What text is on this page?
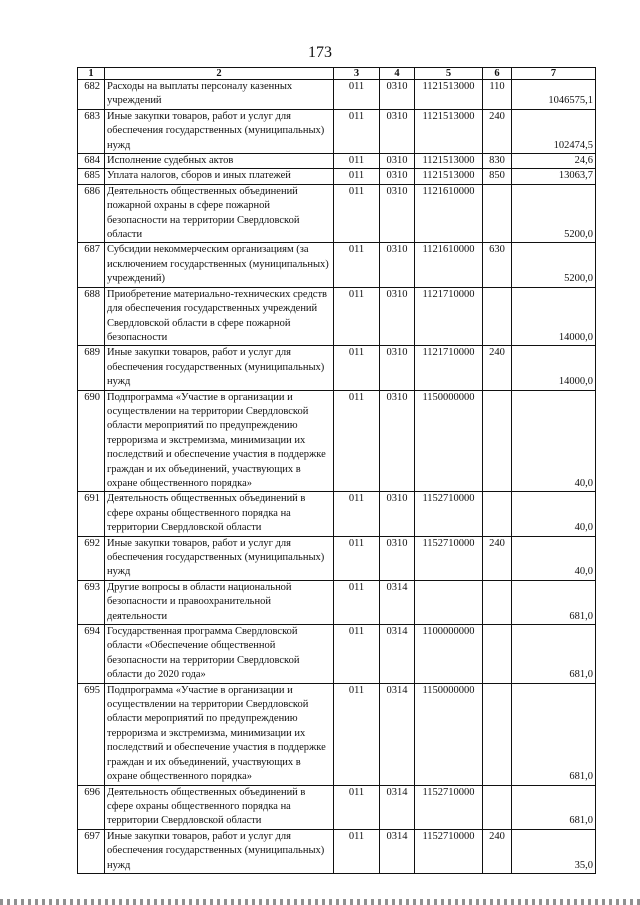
173
1	2	3	4	5	6	7
682	Расходы на выплаты персоналу казенных учреждений	011	0310	1121513000	110	1046575,1
683	Иные закупки товаров, работ и услуг для обеспечения государственных (муниципальных) нужд	011	0310	1121513000	240	102474,5
684	Исполнение судебных актов	011	0310	1121513000	830	24,6
685	Уплата налогов, сборов и иных платежей	011	0310	1121513000	850	13063,7
686	Деятельность общественных объединений пожарной охраны в сфере пожарной безопасности на территории Свердловской области	011	0310	1121610000		5200,0
687	Субсидии некоммерческим организациям (за исключением государственных (муниципальных) учреждений)	011	0310	1121610000	630	5200,0
688	Приобретение материально-технических средств для обеспечения государственных учреждений Свердловской области в сфере пожарной безопасности	011	0310	1121710000		14000,0
689	Иные закупки товаров, работ и услуг для обеспечения государственных (муниципальных) нужд	011	0310	1121710000	240	14000,0
690	Подпрограмма «Участие в организации и осуществлении на территории Свердловской области мероприятий по предупреждению терроризма и экстремизма, минимизации их последствий и обеспечение участия в поддержке граждан и их объединений, участвующих в охране общественного порядка»	011	0310	1150000000		40,0
691	Деятельность общественных объединений в сфере охраны общественного порядка на территории Свердловской области	011	0310	1152710000		40,0
692	Иные закупки товаров, работ и услуг для обеспечения государственных (муниципальных) нужд	011	0310	1152710000	240	40,0
693	Другие вопросы в области национальной безопасности и правоохранительной деятельности	011	0314			681,0
694	Государственная программа Свердловской области «Обеспечение общественной безопасности на территории Свердловской области до 2020 года»	011	0314	1100000000		681,0
695	Подпрограмма «Участие в организации и осуществлении на территории Свердловской области мероприятий по предупреждению терроризма и экстремизма, минимизации их последствий и обеспечение участия в поддержке граждан и их объединений, участвующих в охране общественного порядка»	011	0314	1150000000		681,0
696	Деятельность общественных объединений в сфере охраны общественного порядка на территории Свердловской области	011	0314	1152710000		681,0
697	Иные закупки товаров, работ и услуг для обеспечения государственных (муниципальных) нужд	011	0314	1152710000	240	35,0
